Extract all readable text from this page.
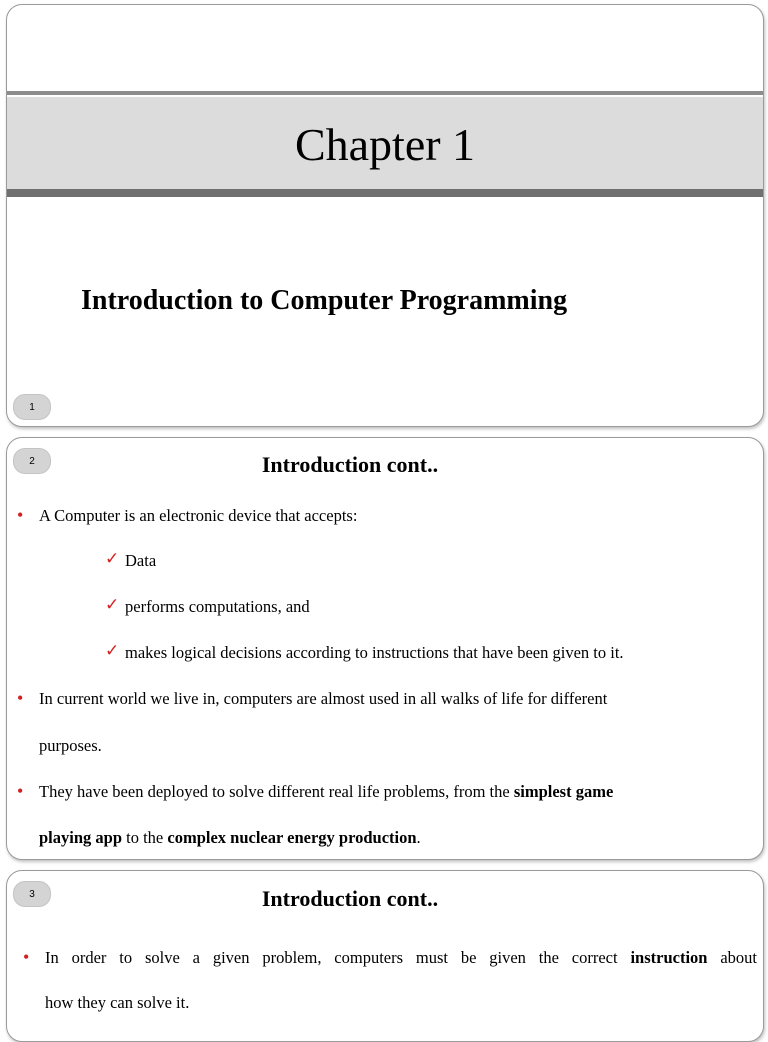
Chapter 1
Introduction to Computer Programming
1
2	Introduction cont..
• A Computer is an electronic device that accepts:
✓ Data
✓ performs computations, and
✓ makes logical decisions according to instructions that have been given to it.
• In current world we live in, computers are almost used in all walks of life for different
purposes.
• They have been deployed to solve different real life problems, from the simplest game
playing app to the complex nuclear energy production.
3	Introduction cont..
• In order to solve a given problem, computers must be given the correct instruction about
how they can solve it.
